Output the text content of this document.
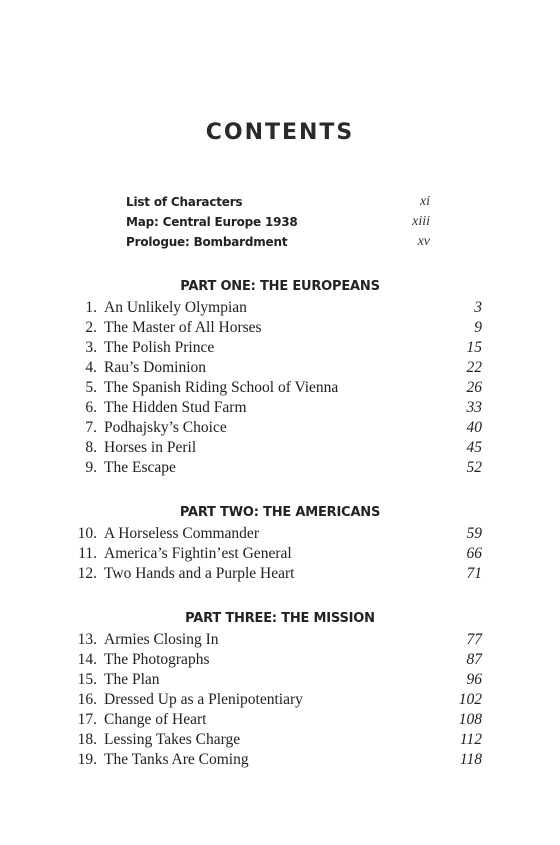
CONTENTS
List of Characters	xi
Map: Central Europe 1938	xiii
Prologue: Bombardment	xv
PART ONE: THE EUROPEANS
1. An Unlikely Olympian	3
2. The Master of All Horses	9
3. The Polish Prince	15
4. Rau’s Dominion	22
5. The Spanish Riding School of Vienna	26
6. The Hidden Stud Farm	33
7. Podhajsky’s Choice	40
8. Horses in Peril	45
9. The Escape	52
PART TWO: THE AMERICANS
10. A Horseless Commander	59
11. America’s Fightin’est General	66
12. Two Hands and a Purple Heart	71
PART THREE: THE MISSION
13. Armies Closing In	77
14. The Photographs	87
15. The Plan	96
16. Dressed Up as a Plenipotentiary	102
17. Change of Heart	108
18. Lessing Takes Charge	112
19. The Tanks Are Coming	118
